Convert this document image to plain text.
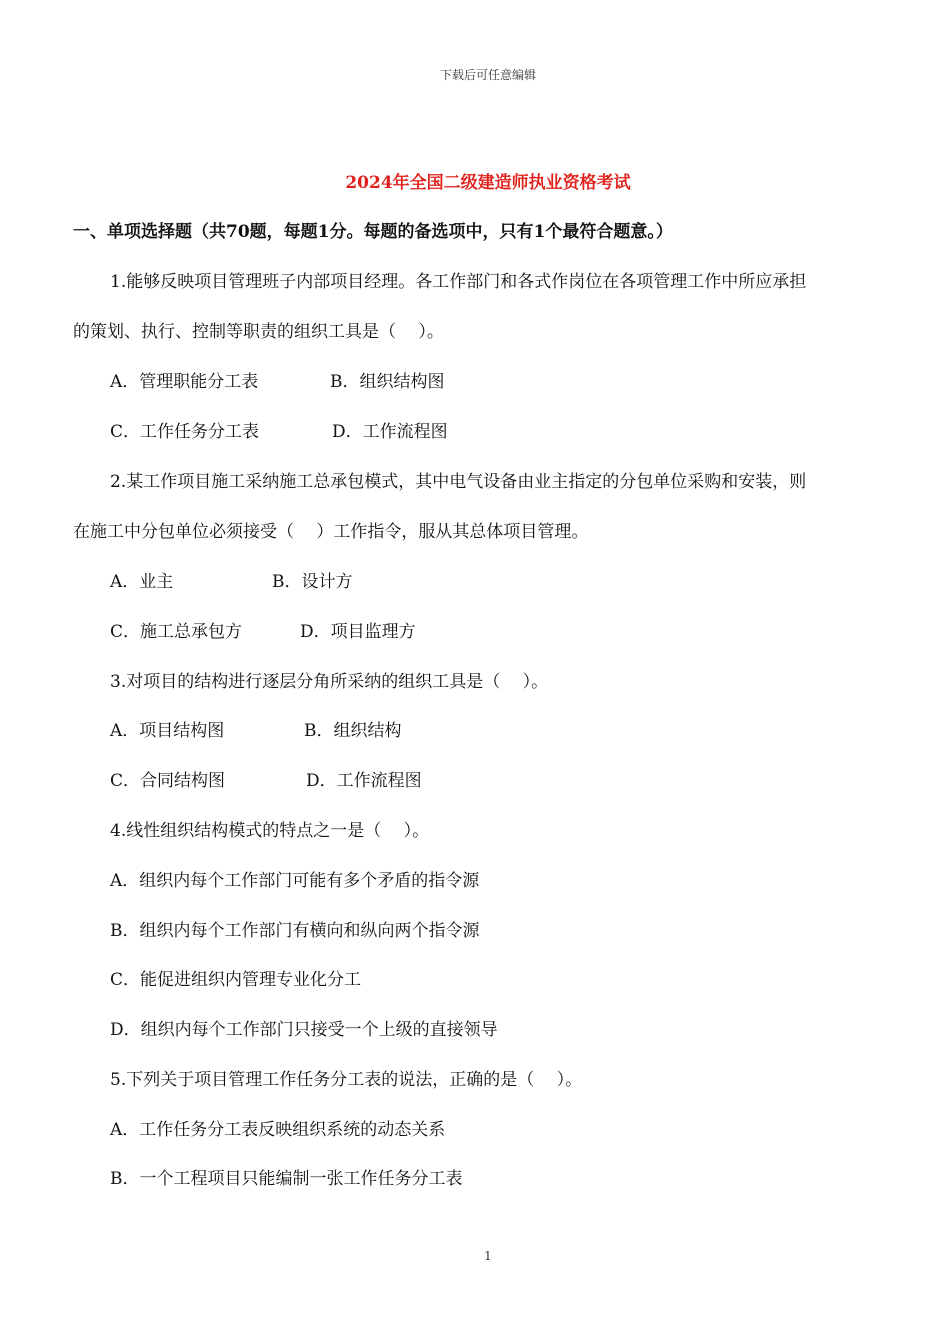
下载后可任意编辑
2024年全国二级建造师执业资格考试
一、单项选择题（共70题，每题1分。每题的备选项中，只有1个最符合题意。）
1.能够反映项目管理班子内部项目经理。各工作部门和各式作岗位在各项管理工作中所应承担
的策划、执行、控制等职责的组织工具是（　 ）。
A．管理职能分工表	B．组织结构图
C．工作任务分工表	D．工作流程图
2.某工作项目施工采纳施工总承包模式，其中电气设备由业主指定的分包单位采购和安装，则
在施工中分包单位必须接受（　 ）工作指令，服从其总体项目管理。
A．业主	B．设计方
C．施工总承包方	D．项目监理方
3.对项目的结构进行逐层分角所采纳的组织工具是（　 ）。
A．项目结构图	B．组织结构
C．合同结构图	D．工作流程图
4.线性组织结构模式的特点之一是（　 ）。
A．组织内每个工作部门可能有多个矛盾的指令源
B．组织内每个工作部门有横向和纵向两个指令源
C．能促进组织内管理专业化分工
D．组织内每个工作部门只接受一个上级的直接领导
5.下列关于项目管理工作任务分工表的说法，正确的是（　 ）。
A．工作任务分工表反映组织系统的动态关系
B．一个工程项目只能编制一张工作任务分工表
1
